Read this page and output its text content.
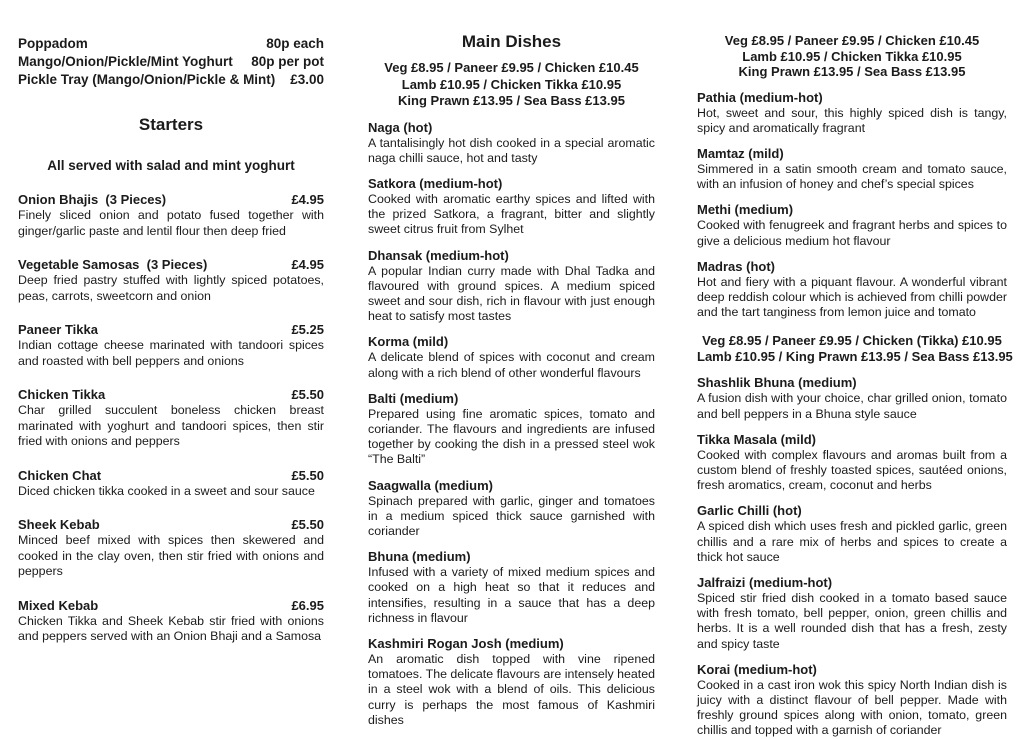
Poppadom	80p each
Mango/Onion/Pickle/Mint Yoghurt 80p per pot
Pickle Tray (Mango/Onion/Pickle & Mint) £3.00
Starters
All served with salad and mint yoghurt
Onion Bhajis  (3 Pieces)	£4.95
Finely sliced onion and potato fused together with ginger/garlic paste and lentil flour then deep fried
Vegetable Samosas  (3 Pieces)	£4.95
Deep fried pastry stuffed with lightly spiced potatoes, peas, carrots, sweetcorn and onion
Paneer Tikka	£5.25
Indian cottage cheese marinated with tandoori spices and roasted with bell peppers and onions
Chicken Tikka	£5.50
Char grilled succulent boneless chicken breast marinated with yoghurt and tandoori spices, then stir fried with onions and peppers
Chicken Chat	£5.50
Diced chicken tikka cooked in a sweet and sour sauce
Sheek Kebab	£5.50
Minced beef mixed with spices then skewered and cooked in the clay oven, then stir fried with onions and peppers
Mixed Kebab	£6.95
Chicken Tikka and Sheek Kebab stir fried with onions and peppers served with an Onion Bhaji and a Samosa
Main Dishes
Veg £8.95 / Paneer £9.95 / Chicken £10.45
Lamb £10.95 / Chicken Tikka £10.95
King Prawn £13.95 / Sea Bass £13.95
Naga (hot)
A tantalisingly hot dish cooked in a special aromatic naga chilli sauce, hot and tasty
Satkora (medium-hot)
Cooked with aromatic earthy spices and lifted with the prized Satkora, a fragrant, bitter and slightly sweet citrus fruit from Sylhet
Dhansak (medium-hot)
A popular Indian curry made with Dhal Tadka and flavoured with ground spices. A medium spiced sweet and sour dish, rich in flavour with just enough heat to satisfy most tastes
Korma (mild)
A delicate blend of spices with coconut and cream along with a rich blend of other wonderful flavours
Balti (medium)
Prepared using fine aromatic spices, tomato and coriander. The flavours and ingredients are infused together by cooking the dish in a pressed steel wok “The Balti”
Saagwalla (medium)
Spinach prepared with garlic, ginger and tomatoes in a medium spiced thick sauce garnished with coriander
Bhuna (medium)
Infused with a variety of mixed medium spices and cooked on a high heat so that it reduces and intensifies, resulting in a sauce that has a deep richness in flavour
Kashmiri Rogan Josh (medium)
An aromatic dish topped with vine ripened tomatoes. The delicate flavours are intensely heated in a steel wok with a blend of oils. This delicious curry is perhaps the most famous of Kashmiri dishes
Veg £8.95 / Paneer £9.95 / Chicken £10.45
Lamb £10.95 / Chicken Tikka £10.95
King Prawn £13.95 / Sea Bass £13.95
Pathia (medium-hot)
Hot, sweet and sour, this highly spiced dish is tangy, spicy and aromatically fragrant
Mamtaz (mild)
Simmered in a satin smooth cream and tomato sauce, with an infusion of honey and chef’s special spices
Methi (medium)
Cooked with fenugreek and fragrant herbs and spices to give a delicious medium hot flavour
Madras (hot)
Hot and fiery with a piquant flavour. A wonderful vibrant deep reddish colour which is achieved from chilli powder and the tart tanginess from lemon juice and tomato
Veg £8.95 / Paneer £9.95 / Chicken (Tikka) £10.95
Lamb £10.95 / King Prawn £13.95 / Sea Bass £13.95
Shashlik Bhuna (medium)
A fusion dish with your choice, char grilled onion, tomato and bell peppers in a Bhuna style sauce
Tikka Masala (mild)
Cooked with complex flavours and aromas built from a custom blend of freshly toasted spices, sautéed onions, fresh aromatics, cream, coconut and herbs
Garlic Chilli (hot)
A spiced dish which uses fresh and pickled garlic, green chillis and a rare mix of herbs and spices to create a thick hot sauce
Jalfraizi (medium-hot)
Spiced stir fried dish cooked in a tomato based sauce with fresh tomato, bell pepper, onion, green chillis and herbs. It is a well rounded dish that has a fresh, zesty and spicy taste
Korai (medium-hot)
Cooked in a cast iron wok this spicy North Indian dish is juicy with a distinct flavour of bell pepper. Made with freshly ground spices along with onion, tomato, green chillis and topped with a garnish of coriander
